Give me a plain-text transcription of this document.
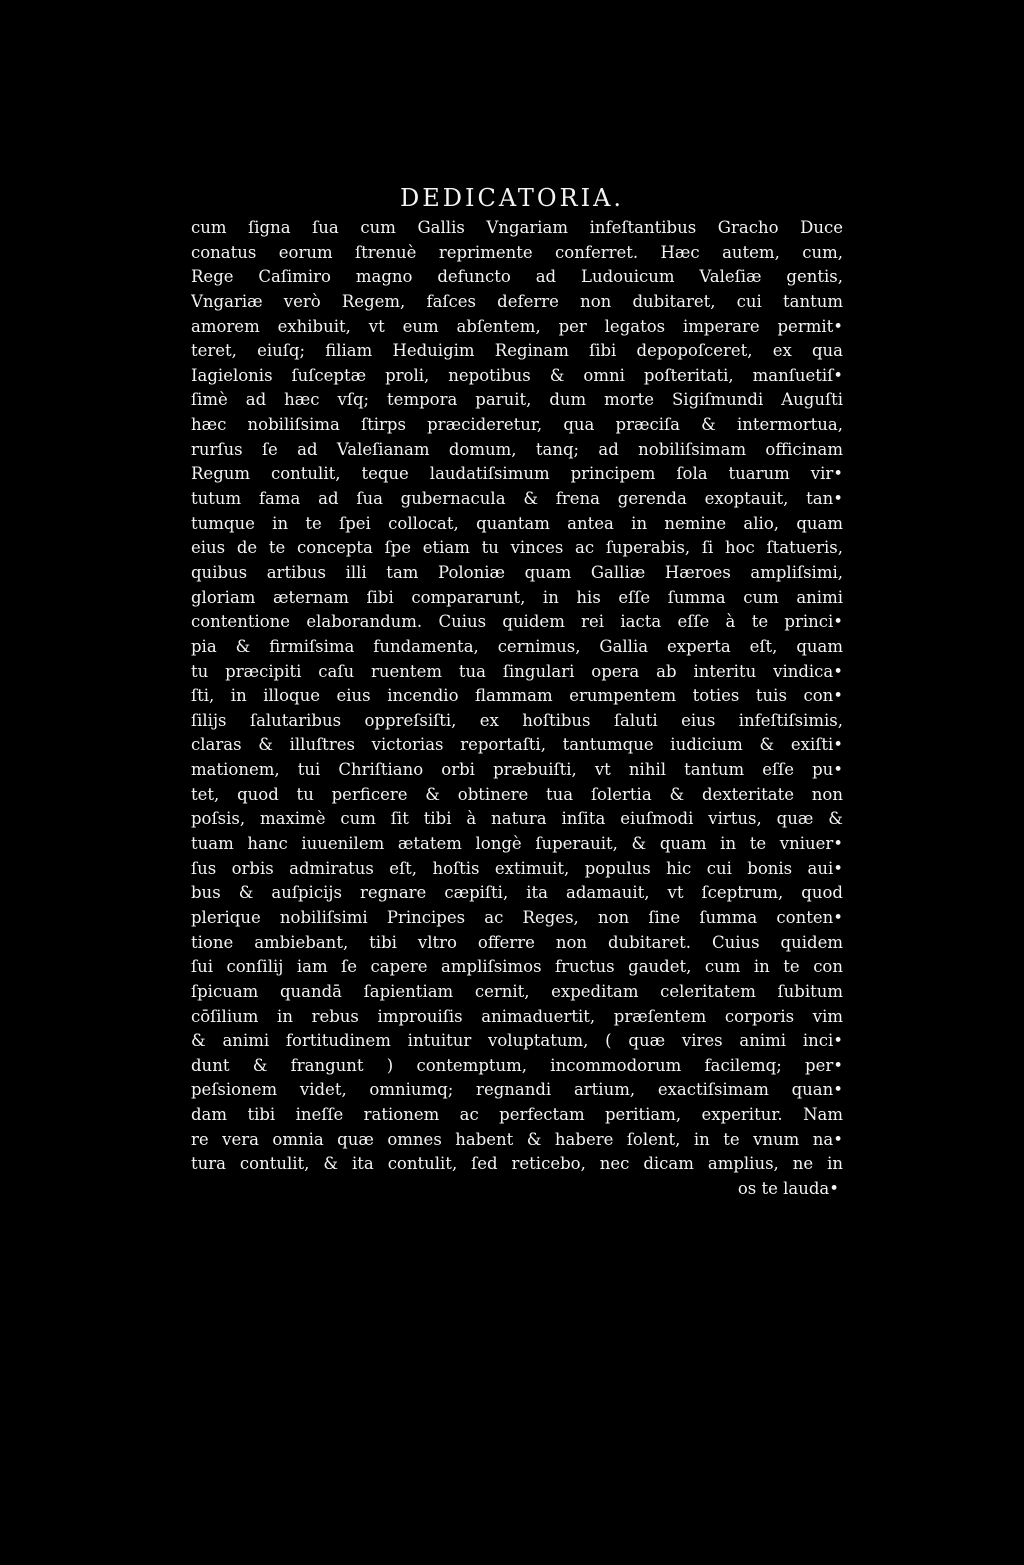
DEDICATORIA.
cum ſigna ſua cum Gallis Vngariam infeſtantibus Gracho Duce
conatus eorum ſtrenuè reprimente conferret. Hæc autem, cum,
Rege Caſimiro magno defuncto ad Ludouicum Valeſiæ gentis,
Vngariæ verò Regem, faſces deferre non dubitaret, cui tantum
amorem exhibuit, vt eum abſentem, per legatos imperare permit•
teret, eiuſq; filiam Heduigim Reginam ſibi depopoſceret, ex qua
Iagielonis ſuſceptæ proli, nepotibus & omni poſteritati, manſuetiſ•
ſimè ad hæc vſq; tempora paruit, dum morte Sigiſmundi Auguſti
hæc nobiliſsima ſtirps præcideretur, qua præciſa & intermortua,
rurſus ſe ad Valeſianam domum, tanq; ad nobiliſsimam officinam
Regum contulit, teque laudatiſsimum principem ſola tuarum vir•
tutum fama ad ſua gubernacula & frena gerenda exoptauit, tan•
tumque in te ſpei collocat, quantam antea in nemine alio, quam
eius de te concepta ſpe etiam tu vinces ac ſuperabis, ſi hoc ſtatueris,
quibus artibus illi tam Poloniæ quam Galliæ Hæroes ampliſsimi,
gloriam æternam ſibi compararunt, in his eſſe ſumma cum animi
contentione elaborandum. Cuius quidem rei iacta eſſe à te princi•
pia & firmiſsima fundamenta, cernimus, Gallia experta eſt, quam
tu præcipiti caſu ruentem tua ſingulari opera ab interitu vindica•
ſti, in illoque eius incendio flammam erumpentem toties tuis con•
ſilijs ſalutaribus oppreſsiſti, ex hoſtibus ſaluti eius infeſtiſsimis,
claras & illuſtres victorias reportaſti, tantumque iudicium & exiſti•
mationem, tui Chriſtiano orbi præbuiſti, vt nihil tantum eſſe pu•
tet, quod tu perficere & obtinere tua ſolertia & dexteritate non
poſsis, maximè cum ſit tibi à natura inſita eiuſmodi virtus, quæ &
tuam hanc iuuenilem ætatem longè ſuperauit, & quam in te vniuer•
ſus orbis admiratus eſt, hoſtis extimuit, populus hic cui bonis aui•
bus & auſpicijs regnare cæpiſti, ita adamauit, vt ſceptrum, quod
plerique nobiliſsimi Principes ac Reges, non ſine ſumma conten•
tione ambiebant, tibi vltro offerre non dubitaret. Cuius quidem
ſui conſilij iam ſe capere ampliſsimos fructus gaudet, cum in te con
ſpicuam quandā ſapientiam cernit, expeditam celeritatem ſubitum
cōſilium in rebus improuiſis animaduertit, præſentem corporis vim
& animi fortitudinem intuitur voluptatum, ( quæ vires animi inci•
dunt & frangunt ) contemptum, incommodorum facilemq; per•
peſsionem videt, omniumq; regnandi artium, exactiſsimam quan•
dam tibi ineſſe rationem ac perfectam peritiam, experitur. Nam
re vera omnia quæ omnes habent & habere ſolent, in te vnum na•
tura contulit, & ita contulit, ſed reticebo, nec dicam amplius, ne in
os te lauda•
